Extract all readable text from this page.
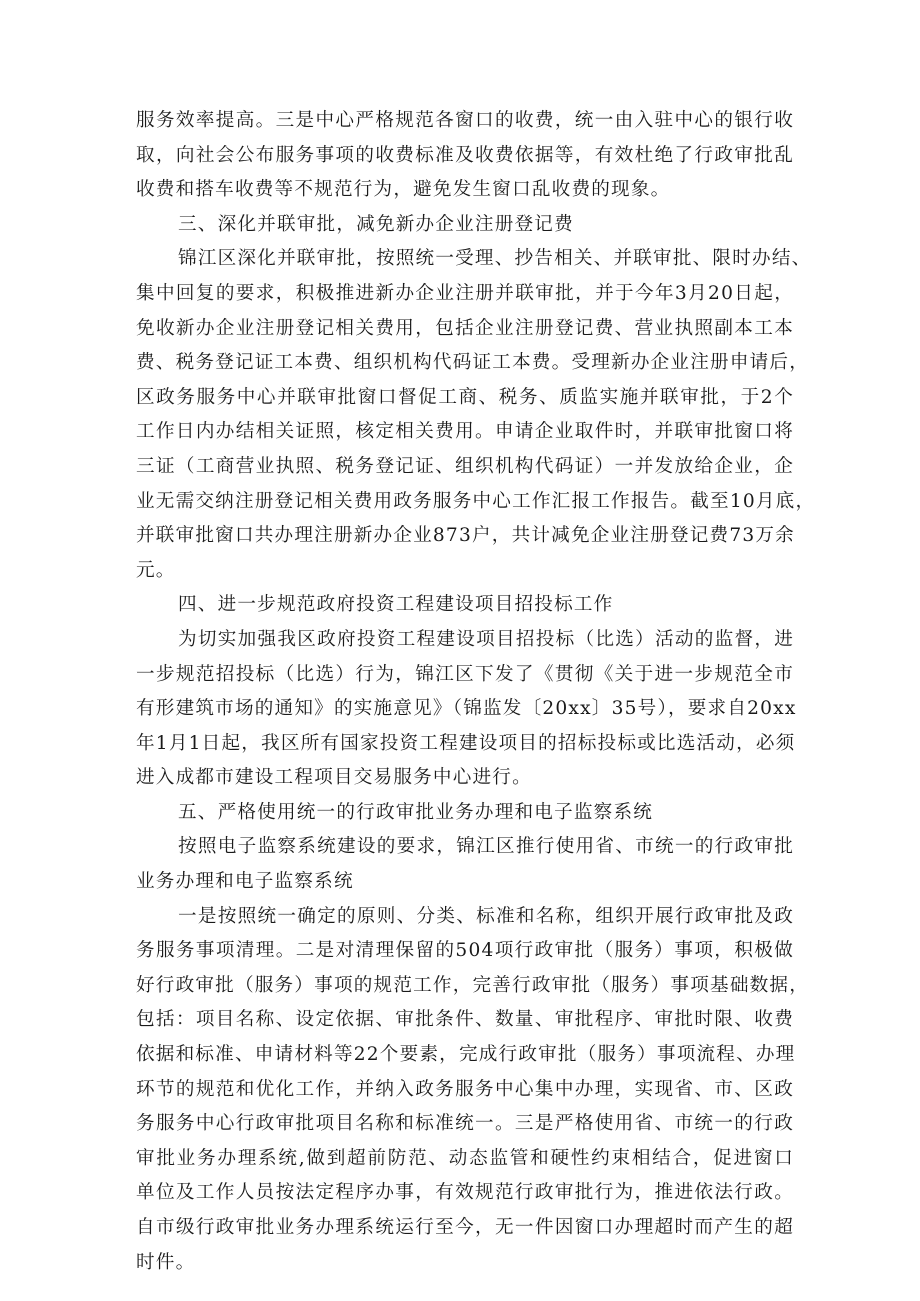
服务效率提高。三是中心严格规范各窗口的收费，统一由入驻中心的银行收
取，向社会公布服务事项的收费标准及收费依据等，有效杜绝了行政审批乱
收费和搭车收费等不规范行为，避免发生窗口乱收费的现象。
三、深化并联审批，减免新办企业注册登记费
锦江区深化并联审批，按照统一受理、抄告相关、并联审批、限时办结、
集中回复的要求，积极推进新办企业注册并联审批，并于今年3月20日起，
免收新办企业注册登记相关费用，包括企业注册登记费、营业执照副本工本
费、税务登记证工本费、组织机构代码证工本费。受理新办企业注册申请后，
区政务服务中心并联审批窗口督促工商、税务、质监实施并联审批，于2个
工作日内办结相关证照，核定相关费用。申请企业取件时，并联审批窗口将
三证（工商营业执照、税务登记证、组织机构代码证）一并发放给企业，企
业无需交纳注册登记相关费用政务服务中心工作汇报工作报告。截至10月底，
并联审批窗口共办理注册新办企业873户，共计减免企业注册登记费73万余
元。
四、进一步规范政府投资工程建设项目招投标工作
为切实加强我区政府投资工程建设项目招投标（比选）活动的监督，进
一步规范招投标（比选）行为，锦江区下发了《贯彻《关于进一步规范全市
有形建筑市场的通知》的实施意见》（锦监发〔20xx〕35号），要求自20xx
年1月1日起，我区所有国家投资工程建设项目的招标投标或比选活动，必须
进入成都市建设工程项目交易服务中心进行。
五、严格使用统一的行政审批业务办理和电子监察系统
按照电子监察系统建设的要求，锦江区推行使用省、市统一的行政审批
业务办理和电子监察系统
一是按照统一确定的原则、分类、标准和名称，组织开展行政审批及政
务服务事项清理。二是对清理保留的504项行政审批（服务）事项，积极做
好行政审批（服务）事项的规范工作，完善行政审批（服务）事项基础数据，
包括：项目名称、设定依据、审批条件、数量、审批程序、审批时限、收费
依据和标准、申请材料等22个要素，完成行政审批（服务）事项流程、办理
环节的规范和优化工作，并纳入政务服务中心集中办理，实现省、市、区政
务服务中心行政审批项目名称和标准统一。三是严格使用省、市统一的行政
审批业务办理系统,做到超前防范、动态监管和硬性约束相结合，促进窗口
单位及工作人员按法定程序办事，有效规范行政审批行为，推进依法行政。
自市级行政审批业务办理系统运行至今，无一件因窗口办理超时而产生的超
时件。
